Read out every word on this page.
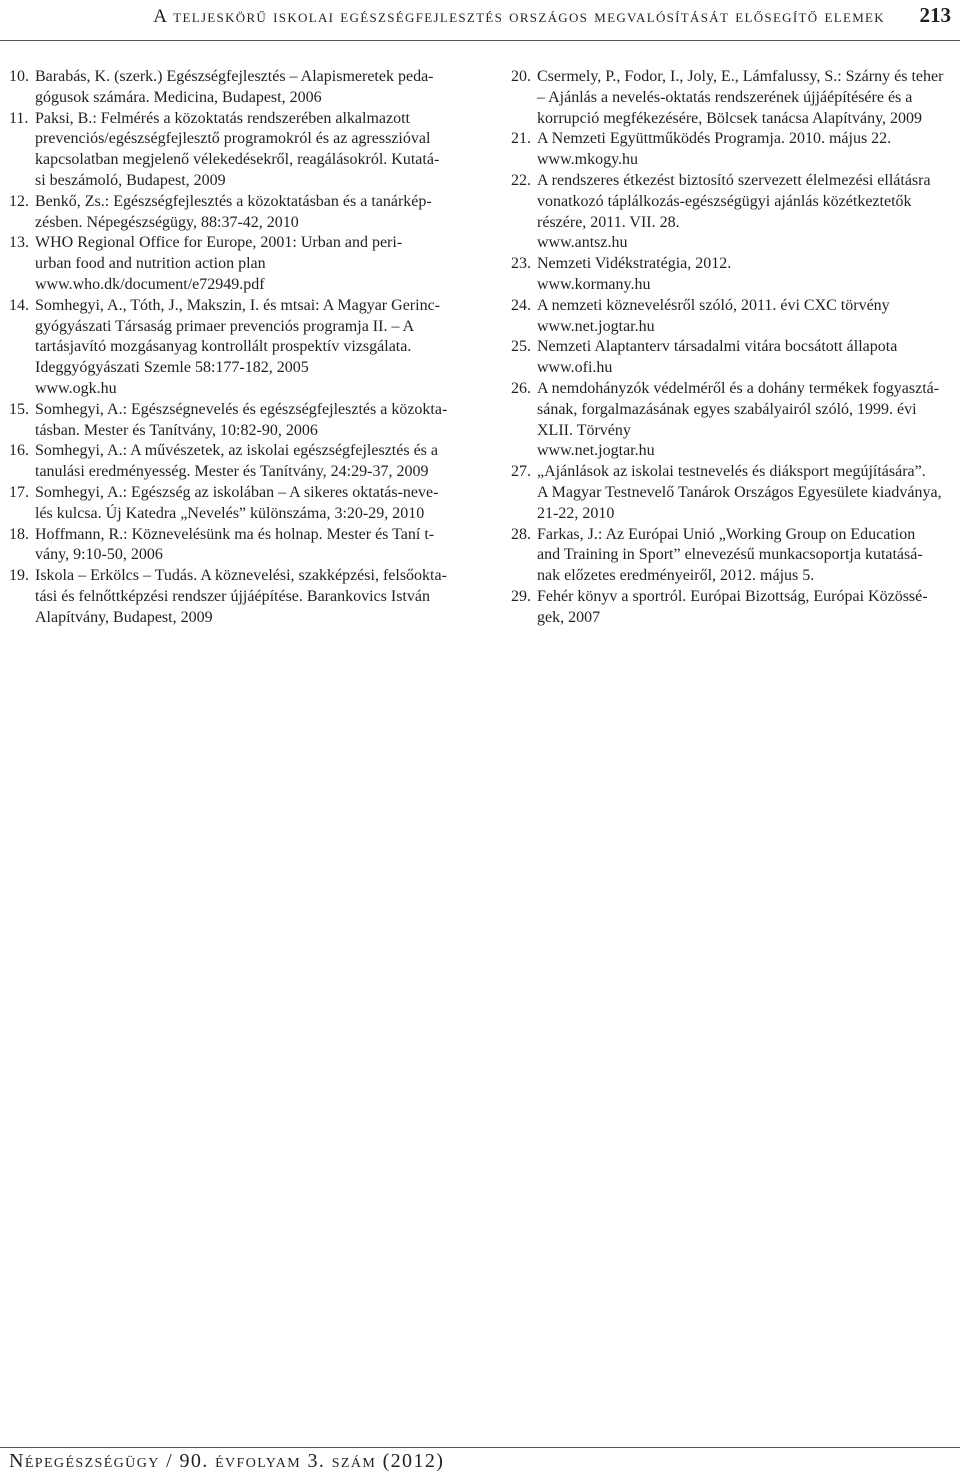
A teljeskörű iskolai egészségfejlesztés országos megvalósítását elősegítő elemek 213
10. Barabás, K. (szerk.) Egészségfejlesztés – Alapismeretek peda-
gógusok számára. Medicina, Budapest, 2006
11. Paksi, B.: Felmérés a közoktatás rendszerében alkalmazott
prevenciós/egészségfejlesztő programokról és az agresszióval
kapcsolatban megjelenő vélekedésekről, reagálásokról. Kutatá-
si beszámoló, Budapest, 2009
12. Benkő, Zs.: Egészségfejlesztés a közoktatásban és a tanárkép-
zésben. Népegészségügy, 88:37-42, 2010
13. WHO Regional Office for Europe, 2001: Urban and peri-
urban food and nutrition action plan
www.who.dk/document/e72949.pdf
14. Somhegyi, A., Tóth, J., Makszin, I. és mtsai: A Magyar Gerinc-
gyógyászati Társaság primaer prevenciós programja II. – A
tartásjavító mozgásanyag kontrollált prospektív vizsgálata.
Ideggyógyászati Szemle 58:177-182, 2005
www.ogk.hu
15. Somhegyi, A.: Egészségnevelés és egészségfejlesztés a közokta-
tásban. Mester és Tanítvány, 10:82-90, 2006
16. Somhegyi, A.: A művészetek, az iskolai egészségfejlesztés és a
tanulási eredményesség. Mester és Tanítvány, 24:29-37, 2009
17. Somhegyi, A.: Egészség az iskolában – A sikeres oktatás-neve-
lés kulcsa. Új Katedra „Nevelés” különszáma, 3:20-29, 2010
18. Hoffmann, R.: Köznevelésünk ma és holnap. Mester és Taní t-
vány, 9:10-50, 2006
19. Iskola – Erkölcs – Tudás. A köznevelési, szakképzési, felsőokta-
tási és felnőttképzési rendszer újjáépítése. Barankovics István
Alapítvány, Budapest, 2009
20. Csermely, P., Fodor, I., Joly, E., Lámfalussy, S.: Szárny és teher
– Ajánlás a nevelés-oktatás rendszerének újjáépítésére és a
korrupció megfékezésére, Bölcsek tanácsa Alapítvány, 2009
21. A Nemzeti Együttműködés Programja. 2010. május 22.
www.mkogy.hu
22. A rendszeres étkezést biztosító szervezett élelmezési ellátásra
vonatkozó táplálkozás-egészségügyi ajánlás közétkeztetők
részére, 2011. VII. 28.
www.antsz.hu
23. Nemzeti Vidékstratégia, 2012.
www.kormany.hu
24. A nemzeti köznevelésről szóló, 2011. évi CXC törvény
www.net.jogtar.hu
25. Nemzeti Alaptanterv társadalmi vitára bocsátott állapota
www.ofi.hu
26. A nemdohányzók védelméről és a dohány termékek fogyasztá-
sának, forgalmazásának egyes szabályairól szóló, 1999. évi
XLII. Törvény
www.net.jogtar.hu
27. „Ajánlások az iskolai testnevelés és diáksport megújítására”.
A Magyar Testnevelő Tanárok Országos Egyesülete kiadványa,
21-22, 2010
28. Farkas, J.: Az Európai Unió „Working Group on Education
and Training in Sport” elnevezésű munkacsoportja kutatásá-
nak előzetes eredményeiről, 2012. május 5.
29. Fehér könyv a sportról. Európai Bizottság, Európai Közössé-
gek, 2007
Népegészségügy / 90. évfolyam 3. szám (2012)
